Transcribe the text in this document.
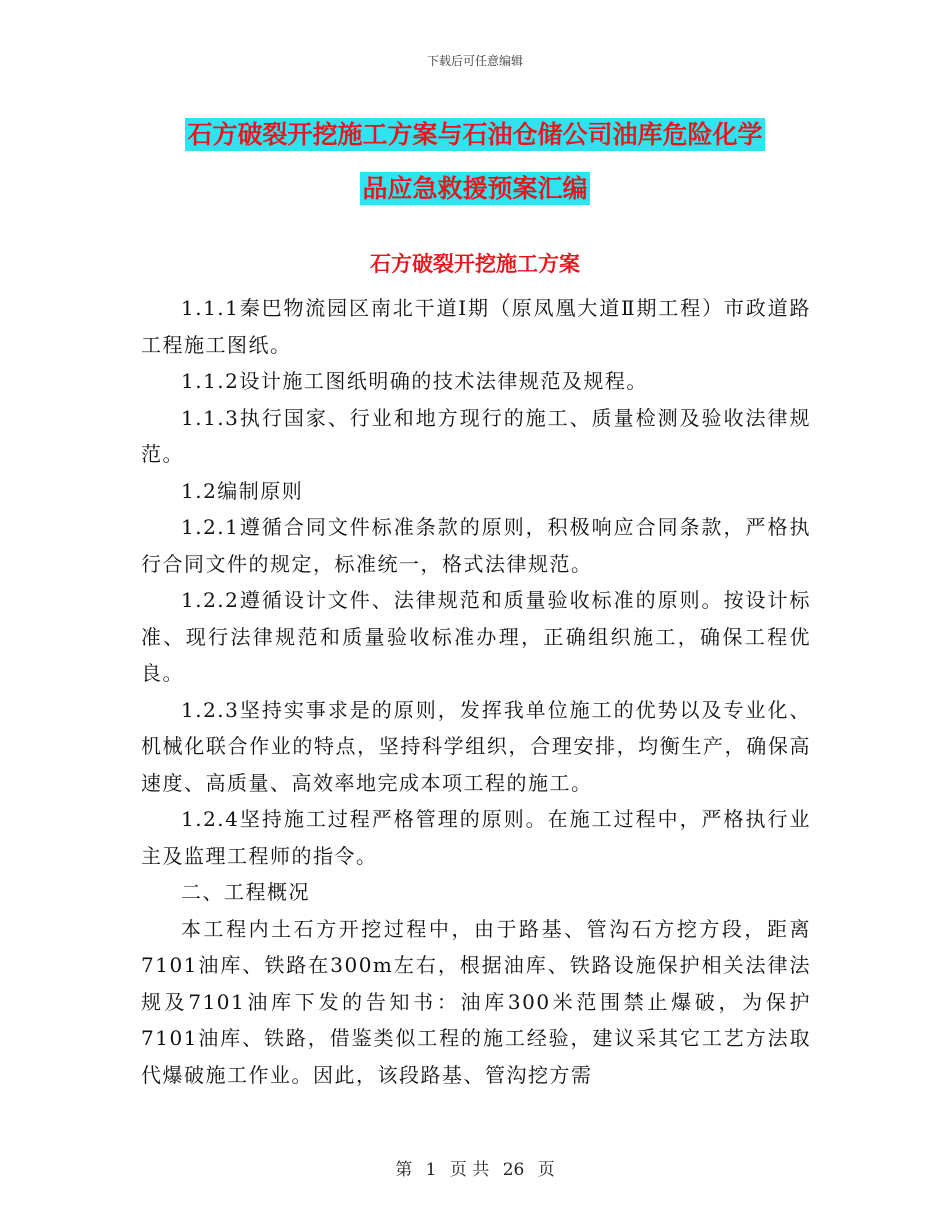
下载后可任意编辑
石方破裂开挖施工方案与石油仓储公司油库危险化学
品应急救援预案汇编
石方破裂开挖施工方案

1.1.1秦巴物流园区南北干道Ⅰ期（原凤凰大道Ⅱ期工程）市政道路工程施工图纸。

1.1.2设计施工图纸明确的技术法律规范及规程。

1.1.3执行国家、行业和地方现行的施工、质量检测及验收法律规范。

1.2编制原则

1.2.1遵循合同文件标准条款的原则，积极响应合同条款，严格执行合同文件的规定，标准统一，格式法律规范。

1.2.2遵循设计文件、法律规范和质量验收标准的原则。按设计标准、现行法律规范和质量验收标准办理，正确组织施工，确保工程优良。

1.2.3坚持实事求是的原则，发挥我单位施工的优势以及专业化、机械化联合作业的特点，坚持科学组织，合理安排，均衡生产，确保高速度、高质量、高效率地完成本项工程的施工。

1.2.4坚持施工过程严格管理的原则。在施工过程中，严格执行业主及监理工程师的指令。

二、工程概况

本工程内土石方开挖过程中，由于路基、管沟石方挖方段，距离7101油库、铁路在300m左右，根据油库、铁路设施保护相关法律法规及7101油库下发的告知书：油库300米范围禁止爆破，为保护7101油库、铁路，借鉴类似工程的施工经验，建议采其它工艺方法取代爆破施工作业。因此，该段路基、管沟挖方需

第 1 页 共 26 页
